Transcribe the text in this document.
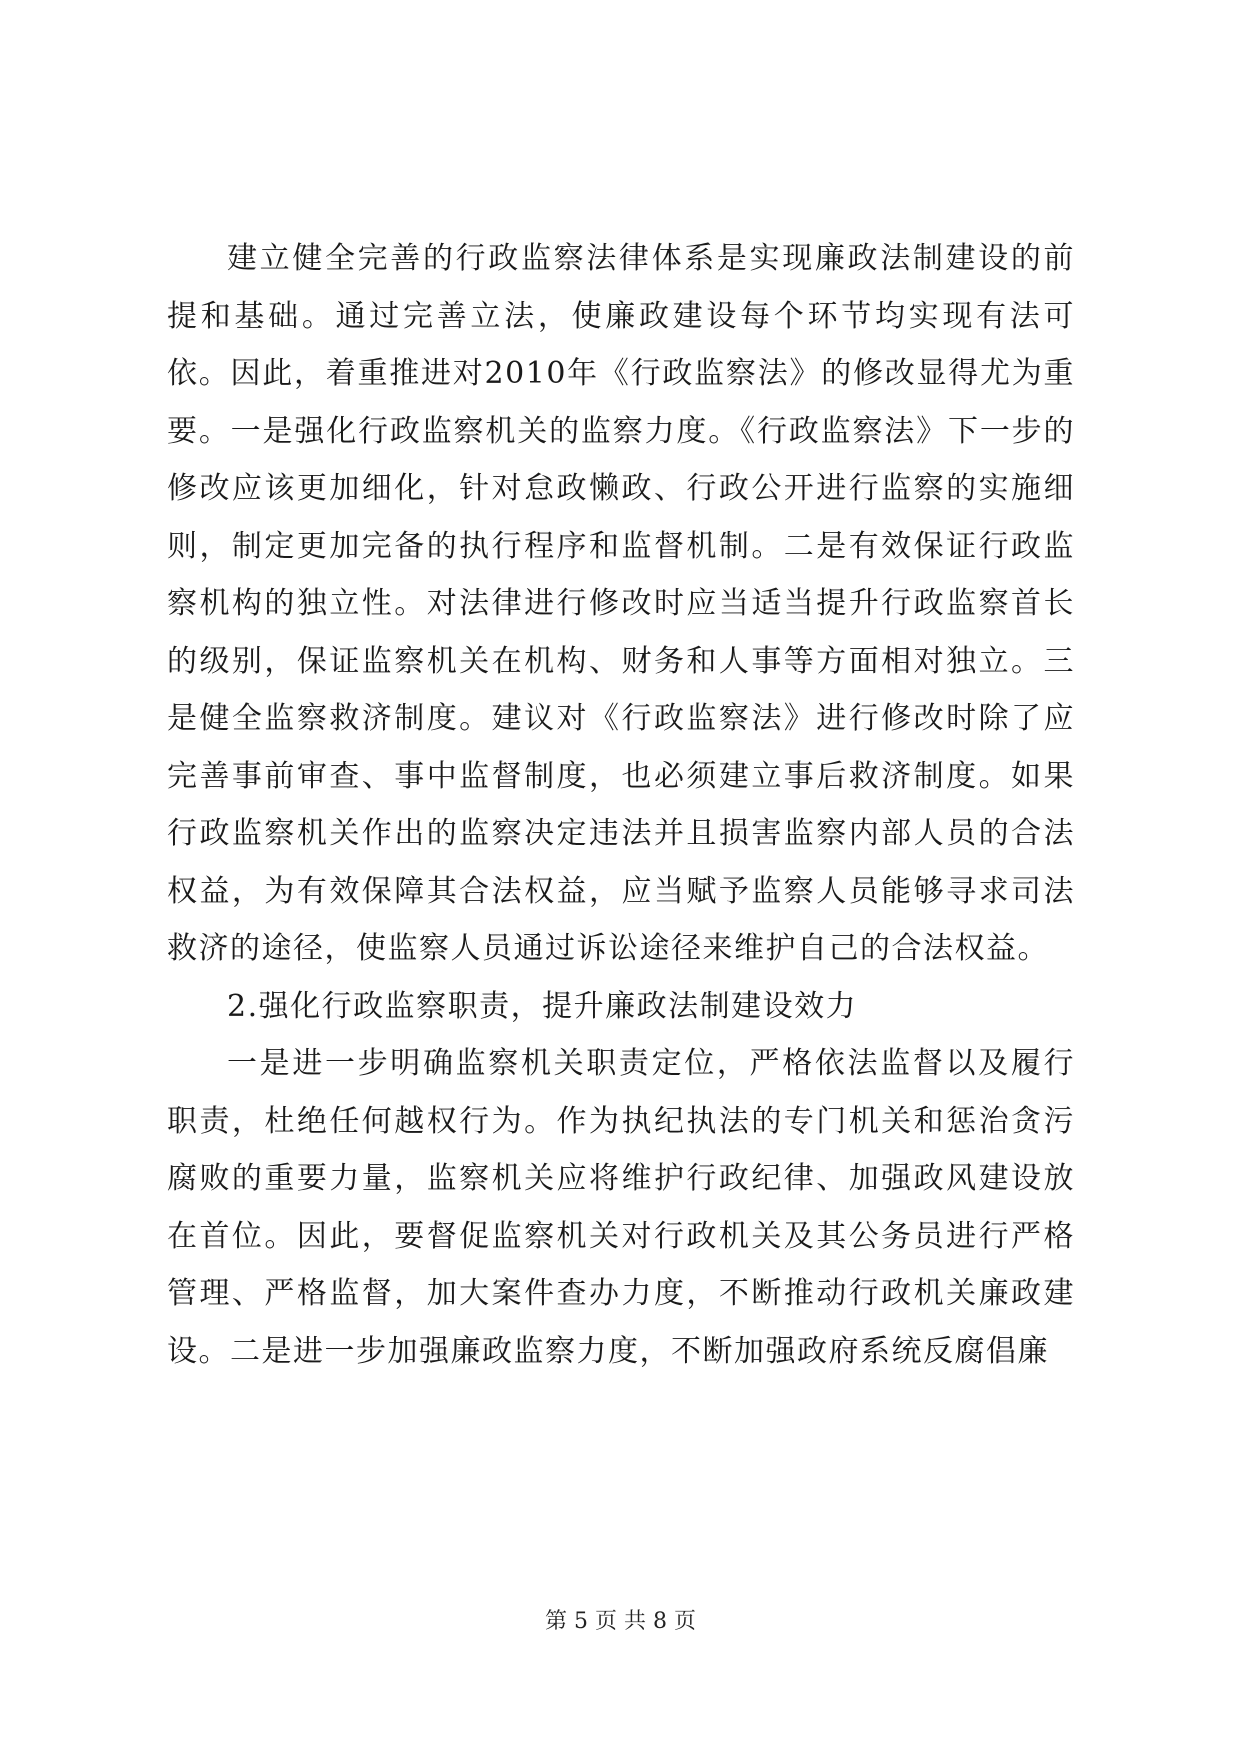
建立健全完善的行政监察法律体系是实现廉政法制建设的前提和基础。通过完善立法，使廉政建设每个环节均实现有法可依。因此，着重推进对2010年《行政监察法》的修改显得尤为重要。一是强化行政监察机关的监察力度。《行政监察法》下一步的修改应该更加细化，针对怠政懒政、行政公开进行监察的实施细则，制定更加完备的执行程序和监督机制。二是有效保证行政监察机构的独立性。对法律进行修改时应当适当提升行政监察首长的级别，保证监察机关在机构、财务和人事等方面相对独立。三是健全监察救济制度。建议对《行政监察法》进行修改时除了应完善事前审查、事中监督制度，也必须建立事后救济制度。如果行政监察机关作出的监察决定违法并且损害监察内部人员的合法权益，为有效保障其合法权益，应当赋予监察人员能够寻求司法救济的途径，使监察人员通过诉讼途径来维护自己的合法权益。

2.强化行政监察职责，提升廉政法制建设效力

一是进一步明确监察机关职责定位，严格依法监督以及履行职责，杜绝任何越权行为。作为执纪执法的专门机关和惩治贪污腐败的重要力量，监察机关应将维护行政纪律、加强政风建设放在首位。因此，要督促监察机关对行政机关及其公务员进行严格管理、严格监督，加大案件查办力度，不断推动行政机关廉政建设。二是进一步加强廉政监察力度，不断加强政府系统反腐倡廉

第 5 页 共 8 页
